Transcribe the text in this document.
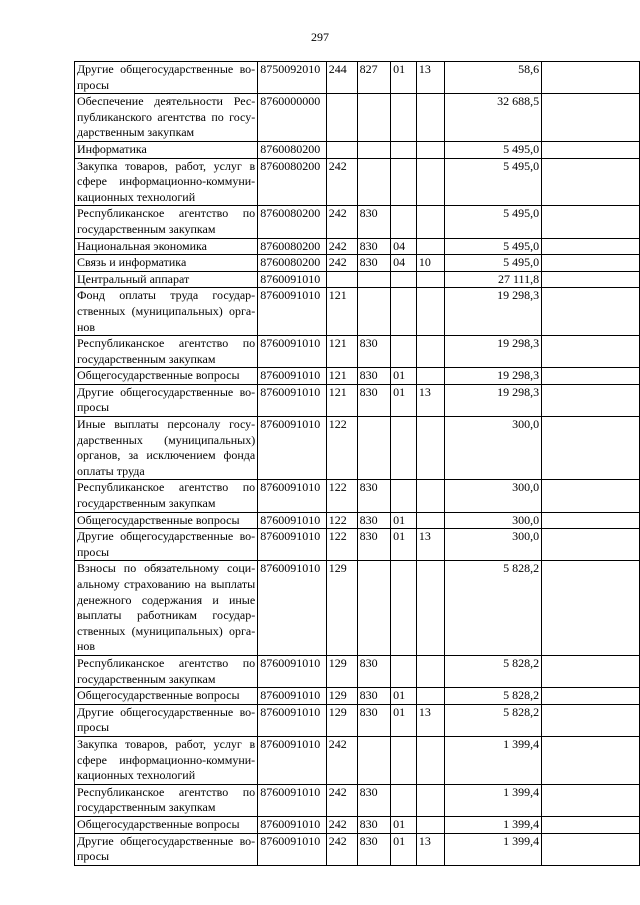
297
Другие общегосударственные во-просы	8750092010	244	827	01	13	58,6	
Обеспечение деятельности Рес-публиканского агентства по госу-дарственным закупкам	8760000000					32 688,5	
Информатика	8760080200					5 495,0	
Закупка товаров, работ, услуг в сфере информационно-коммуни-кационных технологий	8760080200	242				5 495,0	
Республиканское агентство по государственным закупкам	8760080200	242	830			5 495,0	
Национальная экономика	8760080200	242	830	04		5 495,0	
Связь и информатика	8760080200	242	830	04	10	5 495,0	
Центральный аппарат	8760091010					27 111,8	
Фонд оплаты труда государ-ственных (муниципальных) орга-нов	8760091010	121				19 298,3	
Республиканское агентство по государственным закупкам	8760091010	121	830			19 298,3	
Общегосударственные вопросы	8760091010	121	830	01		19 298,3	
Другие общегосударственные во-просы	8760091010	121	830	01	13	19 298,3	
Иные выплаты персоналу госу-дарственных (муниципальных) органов, за исключением фонда оплаты труда	8760091010	122				300,0	
Республиканское агентство по государственным закупкам	8760091010	122	830			300,0	
Общегосударственные вопросы	8760091010	122	830	01		300,0	
Другие общегосударственные во-просы	8760091010	122	830	01	13	300,0	
Взносы по обязательному соци-альному страхованию на выплаты денежного содержания и иные выплаты работникам государ-ственных (муниципальных) орга-нов	8760091010	129				5 828,2	
Республиканское агентство по государственным закупкам	8760091010	129	830			5 828,2	
Общегосударственные вопросы	8760091010	129	830	01		5 828,2	
Другие общегосударственные во-просы	8760091010	129	830	01	13	5 828,2	
Закупка товаров, работ, услуг в сфере информационно-коммуни-кационных технологий	8760091010	242				1 399,4	
Республиканское агентство по государственным закупкам	8760091010	242	830			1 399,4	
Общегосударственные вопросы	8760091010	242	830	01		1 399,4	
Другие общегосударственные во-просы	8760091010	242	830	01	13	1 399,4	
